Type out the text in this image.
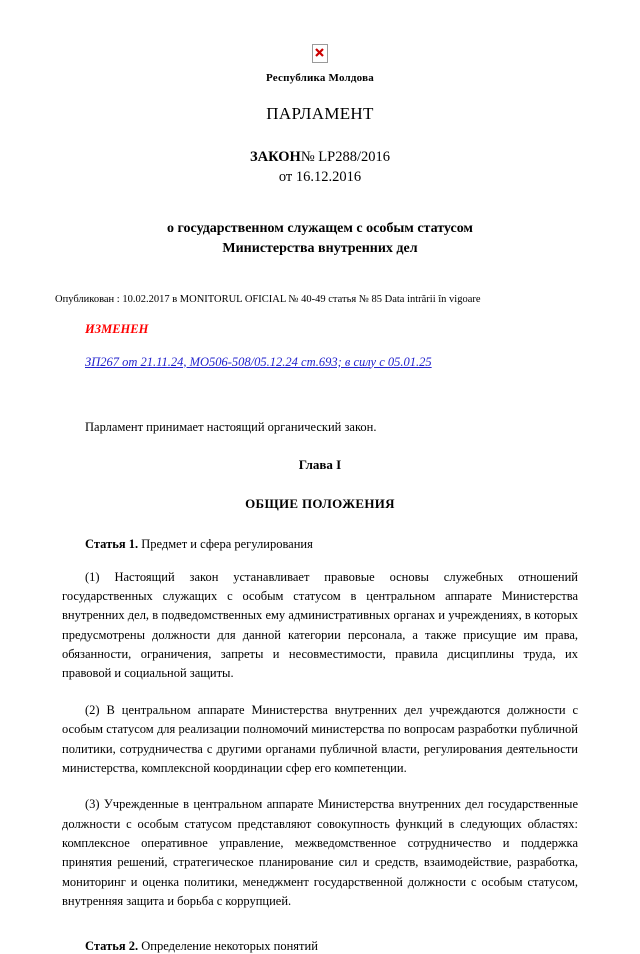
Республика Молдова
ПАРЛАМЕНТ
ЗАКОН№ LP288/2016
от 16.12.2016
о государственном служащем с особым статусом
Министерства внутренних дел
Опубликован : 10.02.2017 в MONITORUL OFICIAL № 40-49 статья № 85 Data intrării în vigoare
ИЗМЕНЕН
ЗП267 от 21.11.24, МО506-508/05.12.24 ст.693; в силу с 05.01.25
Парламент принимает настоящий органический закон.
Глава I
ОБЩИЕ ПОЛОЖЕНИЯ
Статья 1. Предмет и сфера регулирования
(1) Настоящий закон устанавливает правовые основы служебных отношений государственных служащих с особым статусом в центральном аппарате Министерства внутренних дел, в подведомственных ему административных органах и учреждениях, в которых предусмотрены должности для данной категории персонала, а также присущие им права, обязанности, ограничения, запреты и несовместимости, правила дисциплины труда, их правовой и социальной защиты.
(2) В центральном аппарате Министерства внутренних дел учреждаются должности с особым статусом для реализации полномочий министерства по вопросам разработки публичной политики, сотрудничества с другими органами публичной власти, регулирования деятельности министерства, комплексной координации сфер его компетенции.
(3) Учрежденные в центральном аппарате Министерства внутренних дел государственные должности с особым статусом представляют совокупность функций в следующих областях: комплексное оперативное управление, межведомственное сотрудничество и поддержка принятия решений, стратегическое планирование сил и средств, взаимодействие, разработка, мониторинг и оценка политики, менеджмент государственной должности с особым статусом, внутренняя защита и борьба с коррупцией.
Статья 2. Определение некоторых понятий
